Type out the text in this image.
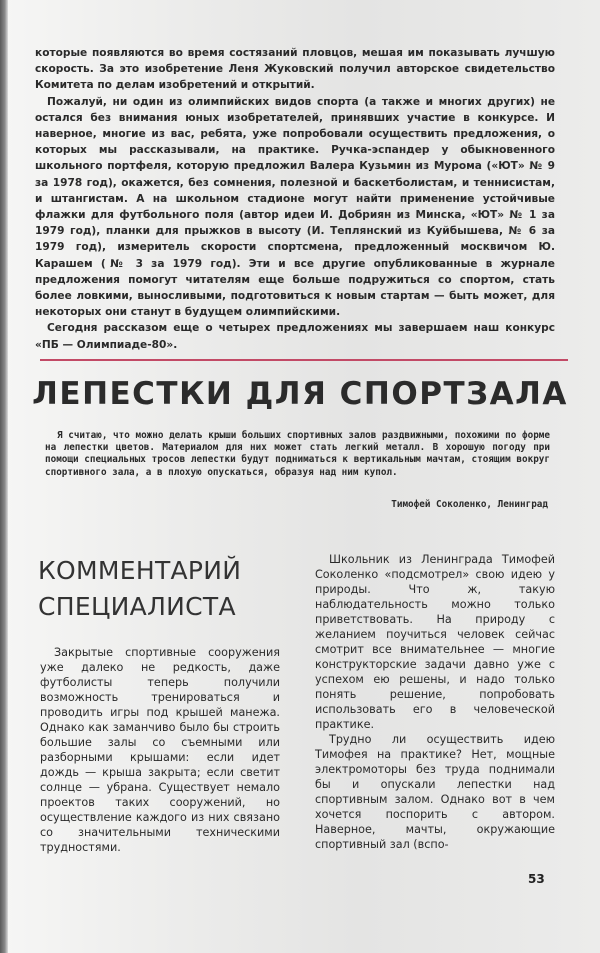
которые появляются во время состязаний пловцов, мешая им показывать лучшую скорость. За это изобретение Леня Жуковский получил авторское свидетельство Комитета по делам изобретений и открытий.

Пожалуй, ни один из олимпийских видов спорта (а также и многих других) не остался без внимания юных изобретателей, принявших участие в конкурсе. И наверное, многие из вас, ребята, уже попробовали осуществить предложения, о которых мы рассказывали, на практике. Ручка-эспандер у обыкновенного школьного портфеля, которую предложил Валера Кузьмин из Мурома («ЮТ» № 9 за 1978 год), окажется, без сомнения, полезной и баскетболистам, и теннисистам, и штангистам. А на школьном стадионе могут найти применение устойчивые флажки для футбольного поля (автор идеи И. Добриян из Минска, «ЮТ» № 1 за 1979 год), планки для прыжков в высоту (И. Теплянский из Куйбышева, № 6 за 1979 год), измеритель скорости спортсмена, предложенный москвичом Ю. Карашем (№ 3 за 1979 год). Эти и все другие опубликованные в журнале предложения помогут читателям еще больше подружиться со спортом, стать более ловкими, выносливыми, подготовиться к новым стартам — быть может, для некоторых они станут в будущем олимпийскими.

Сегодня рассказом еще о четырех предложениях мы завершаем наш конкурс «ПБ — Олимпиаде-80».

ЛЕПЕСТКИ ДЛЯ СПОРТЗАЛА

Я считаю, что можно делать крыши больших спортивных залов раздвижными, похожими по форме на лепестки цветов. Материалом для них может стать легкий металл. В хорошую погоду при помощи специальных тросов лепестки будут подниматься к вертикальным мачтам, стоящим вокруг спортивного зала, а в плохую опускаться, образуя над ним купол.

Тимофей Соколенко, Ленинград
КОММЕНТАРИЙ
СПЕЦИАЛИСТА

Закрытые спортивные сооружения уже далеко не редкость, даже футболисты теперь получили возможность тренироваться и проводить игры под крышей манежа. Однако как заманчиво было бы строить большие залы со съемными или разборными крышами: если идет дождь — крыша закрыта; если светит солнце — убрана. Существует немало проектов таких сооружений, но осуществление каждого из них связано со значительными техническими трудностями.

Школьник из Ленинграда Тимофей Соколенко «подсмотрел» свою идею у природы. Что ж, такую наблюдательность можно только приветствовать. На природу с желанием поучиться человек сейчас смотрит все внимательнее — многие конструкторские задачи давно уже с успехом ею решены, и надо только понять решение, попробовать использовать его в человеческой практике.

Трудно ли осуществить идею Тимофея на практике? Нет, мощные электромоторы без труда поднимали бы и опускали лепестки над спортивным залом. Однако вот в чем хочется поспорить с автором. Наверное, мачты, окружающие спортивный зал (вспо-

53
